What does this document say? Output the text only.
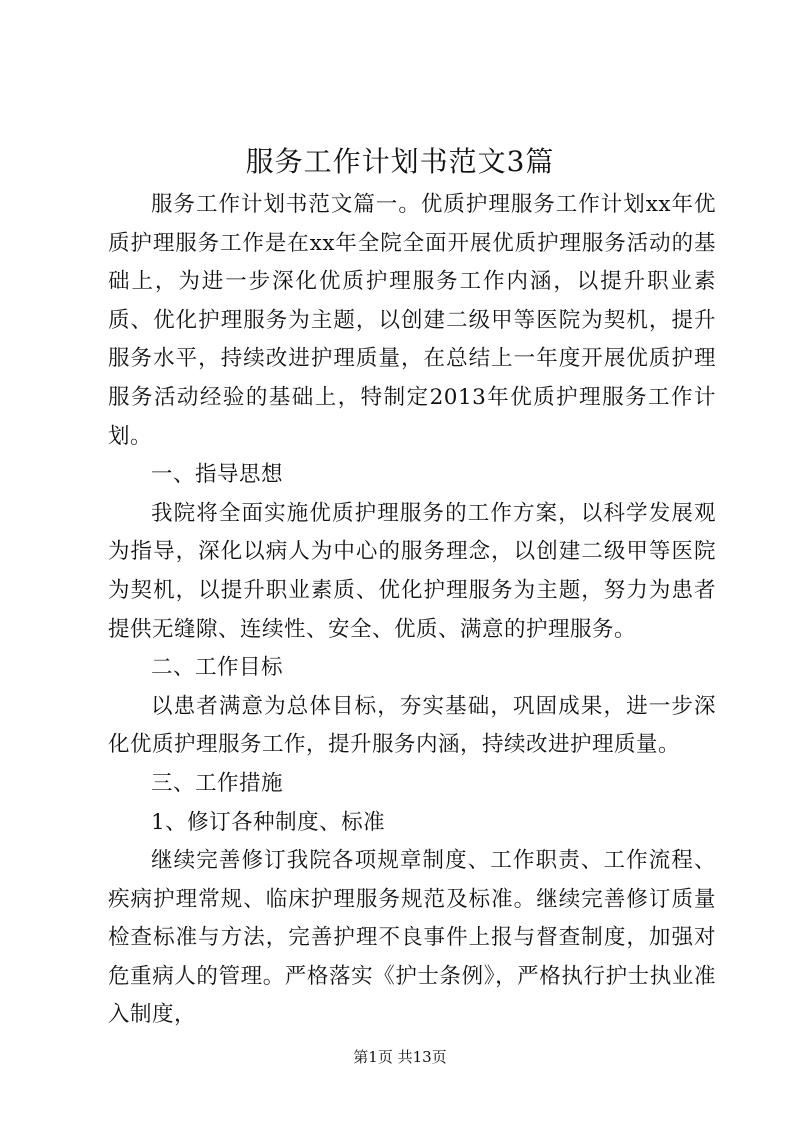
服务工作计划书范文3篇

服务工作计划书范文篇一。优质护理服务工作计划xx年优质护理服务工作是在xx年全院全面开展优质护理服务活动的基础上，为进一步深化优质护理服务工作内涵，以提升职业素质、优化护理服务为主题，以创建二级甲等医院为契机，提升服务水平，持续改进护理质量，在总结上一年度开展优质护理服务活动经验的基础上，特制定2013年优质护理服务工作计划。

一、指导思想

我院将全面实施优质护理服务的工作方案，以科学发展观为指导，深化以病人为中心的服务理念，以创建二级甲等医院为契机，以提升职业素质、优化护理服务为主题，努力为患者提供无缝隙、连续性、安全、优质、满意的护理服务。

二、工作目标

以患者满意为总体目标，夯实基础，巩固成果，进一步深化优质护理服务工作，提升服务内涵，持续改进护理质量。

三、工作措施

1、修订各种制度、标准

继续完善修订我院各项规章制度、工作职责、工作流程、疾病护理常规、临床护理服务规范及标准。继续完善修订质量检查标准与方法，完善护理不良事件上报与督查制度，加强对危重病人的管理。严格落实《护士条例》，严格执行护士执业准入制度，

第1页 共13页
